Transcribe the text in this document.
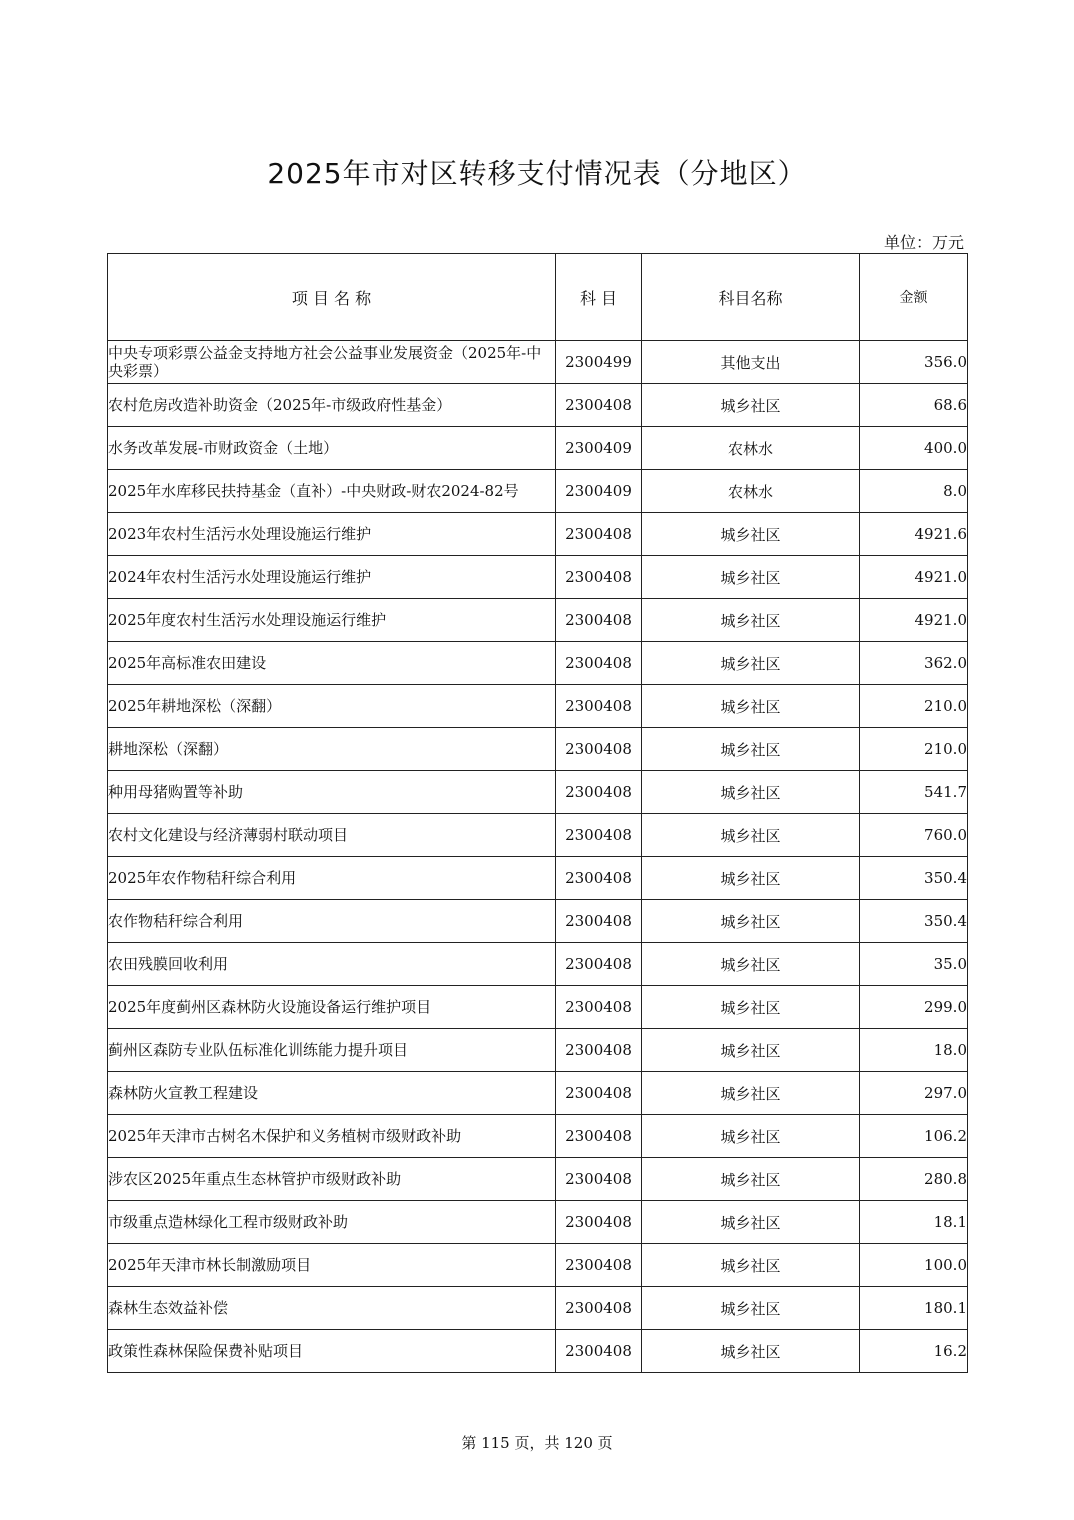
2025年市对区转移支付情况表（分地区）
单位：万元
项 目 名 称	科 目	科目名称	金额
中央专项彩票公益金支持地方社会公益事业发展资金（2025年-中央彩票）	2300499	其他支出	356.0
农村危房改造补助资金（2025年-市级政府性基金）	2300408	城乡社区	68.6
水务改革发展-市财政资金（土地）	2300409	农林水	400.0
2025年水库移民扶持基金（直补）-中央财政-财农2024-82号	2300409	农林水	8.0
2023年农村生活污水处理设施运行维护	2300408	城乡社区	4921.6
2024年农村生活污水处理设施运行维护	2300408	城乡社区	4921.0
2025年度农村生活污水处理设施运行维护	2300408	城乡社区	4921.0
2025年高标准农田建设	2300408	城乡社区	362.0
2025年耕地深松（深翻）	2300408	城乡社区	210.0
耕地深松（深翻）	2300408	城乡社区	210.0
种用母猪购置等补助	2300408	城乡社区	541.7
农村文化建设与经济薄弱村联动项目	2300408	城乡社区	760.0
2025年农作物秸秆综合利用	2300408	城乡社区	350.4
农作物秸秆综合利用	2300408	城乡社区	350.4
农田残膜回收利用	2300408	城乡社区	35.0
2025年度蓟州区森林防火设施设备运行维护项目	2300408	城乡社区	299.0
蓟州区森防专业队伍标准化训练能力提升项目	2300408	城乡社区	18.0
森林防火宣教工程建设	2300408	城乡社区	297.0
2025年天津市古树名木保护和义务植树市级财政补助	2300408	城乡社区	106.2
涉农区2025年重点生态林管护市级财政补助	2300408	城乡社区	280.8
市级重点造林绿化工程市级财政补助	2300408	城乡社区	18.1
2025年天津市林长制激励项目	2300408	城乡社区	100.0
森林生态效益补偿	2300408	城乡社区	180.1
政策性森林保险保费补贴项目	2300408	城乡社区	16.2
第 115 页，共 120 页
